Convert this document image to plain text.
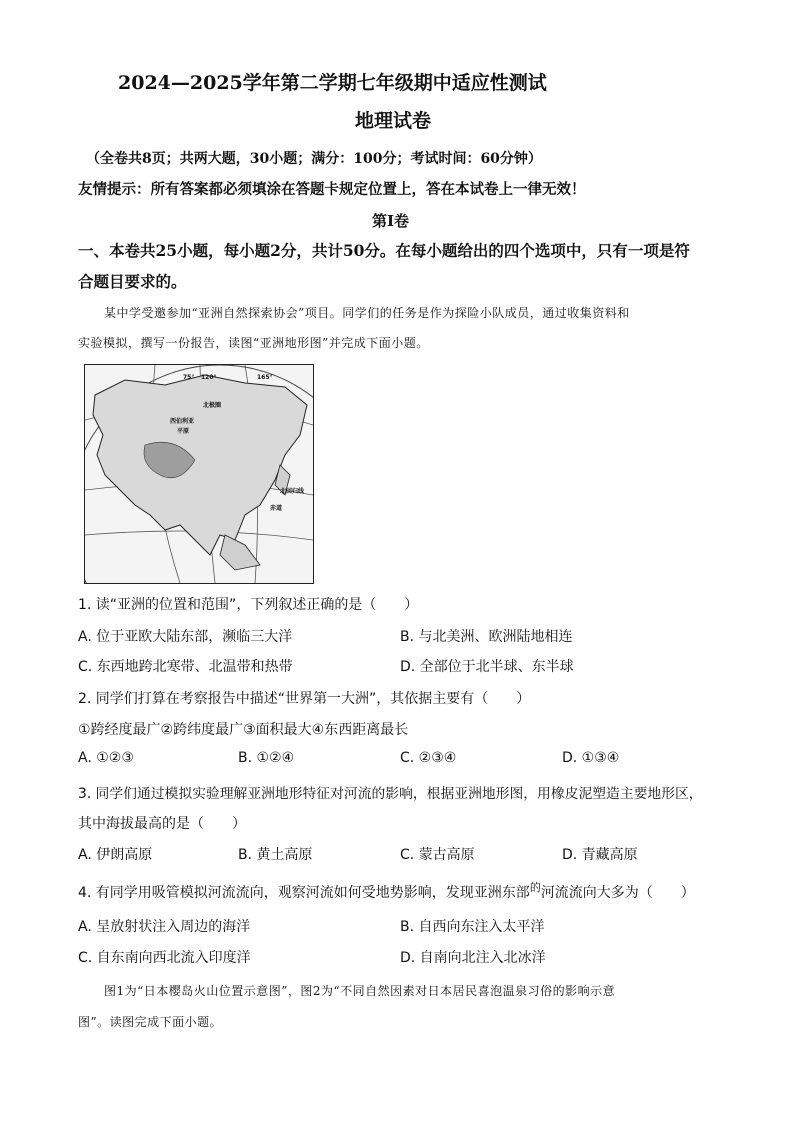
2024—2025学年第二学期七年级期中适应性测试
地理试卷
（全卷共8页；共两大题，30小题；满分：100分；考试时间：60分钟）
友情提示：所有答案都必须填涂在答题卡规定位置上，答在本试卷上一律无效！
第Ⅰ卷
一、本卷共25小题，每小题2分，共计50分。在每小题给出的四个选项中，只有一项是符
合题目要求的。
某中学受邀参加“亚洲自然探索协会”项目。同学们的任务是作为探险小队成员，通过收集资料和
实验模拟，撰写一份报告，读图“亚洲地形图”并完成下面小题。
75° 120°	165°
北极圈
西伯利亚
平原
北回归线
赤道
1. 读“亚洲的位置和范围”，下列叙述正确的是（　　）
A. 位于亚欧大陆东部，濒临三大洋	B. 与北美洲、欧洲陆地相连
C. 东西地跨北寒带、北温带和热带	D. 全部位于北半球、东半球
2. 同学们打算在考察报告中描述“世界第一大洲”，其依据主要有（　　）
①跨经度最广②跨纬度最广③面积最大④东西距离最长
A. ①②③	B. ①②④	C. ②③④	D. ①③④
3. 同学们通过模拟实验理解亚洲地形特征对河流的影响，根据亚洲地形图，用橡皮泥塑造主要地形区，
其中海拔最高的是（　　）
A. 伊朗高原	B. 黄土高原	C. 蒙古高原	D. 青藏高原
4. 有同学用吸管模拟河流流向，观察河流如何受地势影响，发现亚洲东部$^的$河流流向大多为（　　）
A. 呈放射状注入周边的海洋	B. 自西向东注入太平洋
C. 自东南向西北流入印度洋	D. 自南向北注入北冰洋
图1为“日本樱岛火山位置示意图”，图2为“不同自然因素对日本居民喜泡温泉习俗的影响示意
图”。读图完成下面小题。
